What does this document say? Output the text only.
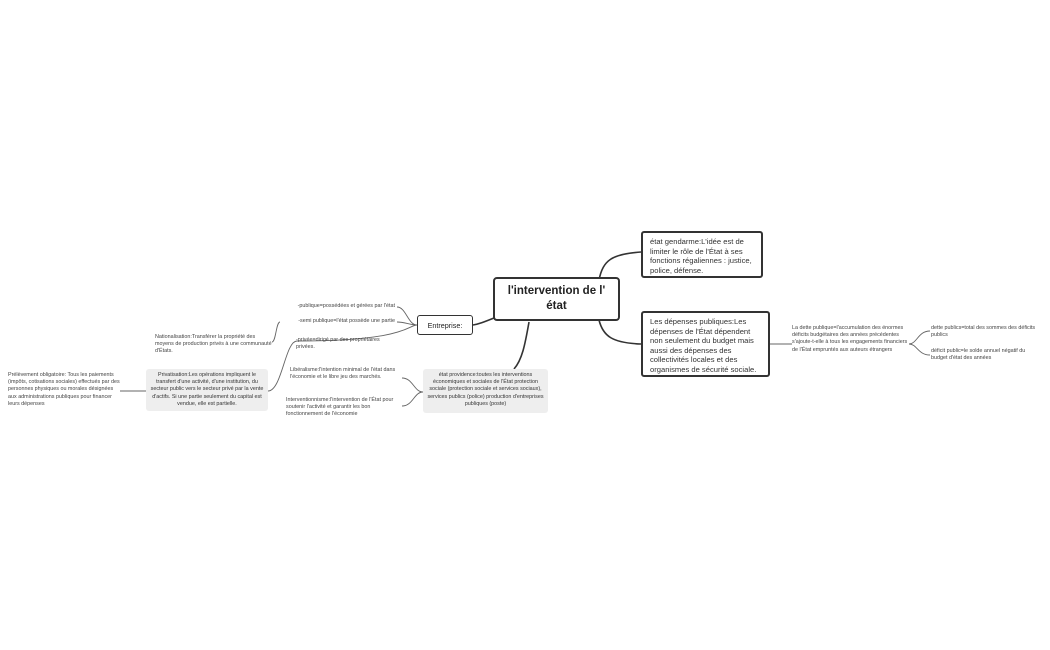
l'intervention de l' état
état gendarme:L'idée est de limiter le rôle de l'État à ses fonctions régaliennes : justice, police, défense.
Les dépenses publiques:Les dépenses de l'État dépendent non seulement du budget mais aussi des dépenses des collectivités locales et des organismes de sécurité sociale.
La dette publique=l'accumulation des énormes déficits budgétaires des années précédentes s'ajoute-t-elle à tous les engagements financiers de l'État empruntés aux auteurs étrangers
dette publics=total des sommes des déficits publics
déficit public=le solde annuel négatif du budget d'état des années
Entreprise:
-publique=possédées et gérées par l'état
-semi publique=l'état possède une partie
-privée=dirigé par des propriétaires privées.
Nationalisation:Transférer la propriété des moyens de production privés à une communauté d'États.
état providence:toutes les interventions économiques et sociales de l'État protection sociale (protection sociale et services sociaux), services publics (police) production d'entreprises publiques (poste)
Libéralisme:l'intention minimal de l'état dans l'économie et le libre jeu des marchés.
Interventionnisme:l'intervention de l'État pour soutenir l'activité et garantir les bon fonctionnement de l'économie
Privatisation:Les opérations impliquent le transfert d'une activité, d'une institution, du secteur public vers le secteur privé par la vente d'actifs. Si une partie seulement du capital est vendue, elle est partielle.
Prélèvement obligatoire: Tous les paiements (impôts, cotisations sociales) effectués par des personnes physiques ou morales désignées aux administrations publiques pour financer leurs dépenses
